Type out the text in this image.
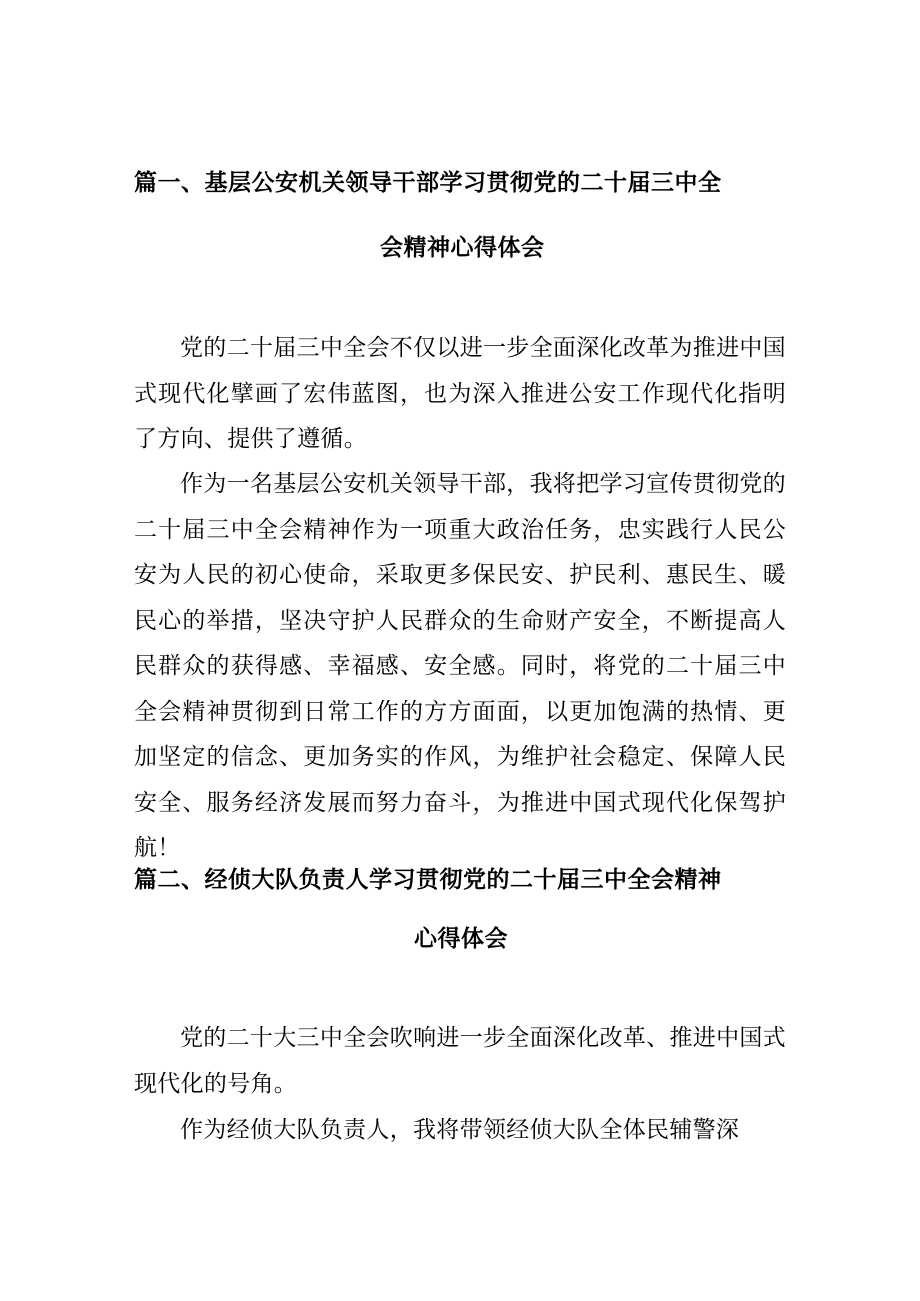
篇一、基层公安机关领导干部学习贯彻党的二十届三中全
会精神心得体会

党的二十届三中全会不仅以进一步全面深化改革为推进中国式现代化擘画了宏伟蓝图，也为深入推进公安工作现代化指明了方向、提供了遵循。

作为一名基层公安机关领导干部，我将把学习宣传贯彻党的二十届三中全会精神作为一项重大政治任务，忠实践行人民公安为人民的初心使命，采取更多保民安、护民利、惠民生、暖民心的举措，坚决守护人民群众的生命财产安全，不断提高人民群众的获得感、幸福感、安全感。同时，将党的二十届三中全会精神贯彻到日常工作的方方面面，以更加饱满的热情、更加坚定的信念、更加务实的作风，为维护社会稳定、保障人民安全、服务经济发展而努力奋斗，为推进中国式现代化保驾护航！

篇二、经侦大队负责人学习贯彻党的二十届三中全会精神
心得体会

党的二十大三中全会吹响进一步全面深化改革、推进中国式现代化的号角。

作为经侦大队负责人，我将带领经侦大队全体民辅警深
